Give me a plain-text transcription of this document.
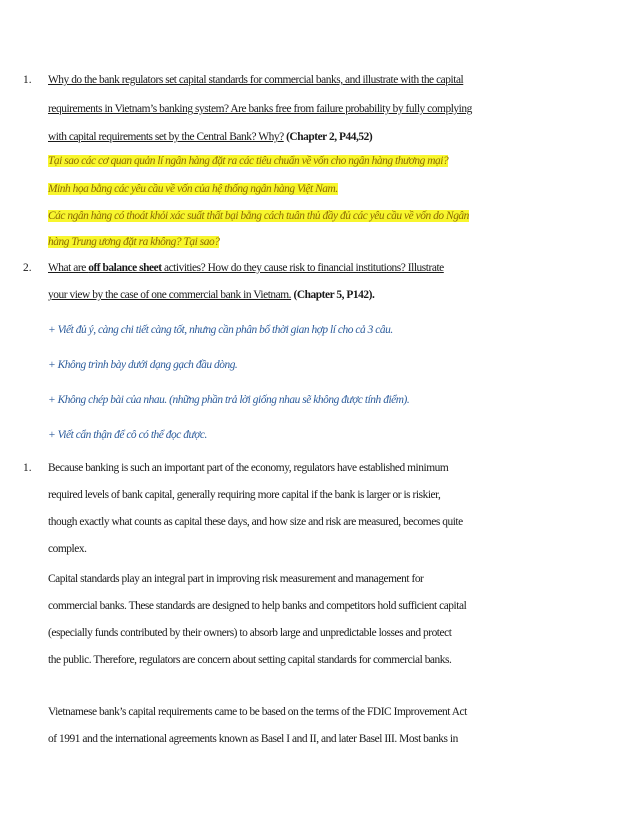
1. Why do the bank regulators set capital standards for commercial banks, and illustrate with the capital
requirements in Vietnam’s banking system? Are banks free from failure probability by fully complying
with capital requirements set by the Central Bank? Why? (Chapter 2, P44,52)
Tại sao các cơ quan quản lí ngân hàng đặt ra các tiêu chuẩn về vốn cho ngân hàng thương mại?
Minh họa bằng các yêu cầu về vốn của hệ thống ngân hàng Việt Nam.
Các ngân hàng có thoát khỏi xác suất thất bại bằng cách tuân thủ đầy đủ các yêu cầu về vốn do Ngân
hàng Trung ương đặt ra không? Tại sao?
2. What are off balance sheet activities? How do they cause risk to financial institutions? Illustrate
your view by the case of one commercial bank in Vietnam. (Chapter 5, P142).
+ Viết đủ ý, càng chi tiết càng tốt, nhưng cần phân bổ thời gian hợp lí cho cả 3 câu.
+ Không trình bày dưới dạng gạch đầu dòng.
+ Không chép bài của nhau. (những phần trả lời giống nhau sẽ không được tính điểm).
+ Viết cẩn thận để cô có thể đọc được.
1. Because banking is such an important part of the economy, regulators have established minimum
required levels of bank capital, generally requiring more capital if the bank is larger or is riskier,
though exactly what counts as capital these days, and how size and risk are measured, becomes quite
complex.
Capital standards play an integral part in improving risk measurement and management for
commercial banks. These standards are designed to help banks and competitors hold sufficient capital
(especially funds contributed by their owners) to absorb large and unpredictable losses and protect
the public. Therefore, regulators are concern about setting capital standards for commercial banks.
Vietnamese bank’s capital requirements came to be based on the terms of the FDIC Improvement Act
of 1991 and the international agreements known as Basel I and II, and later Basel III. Most banks in
